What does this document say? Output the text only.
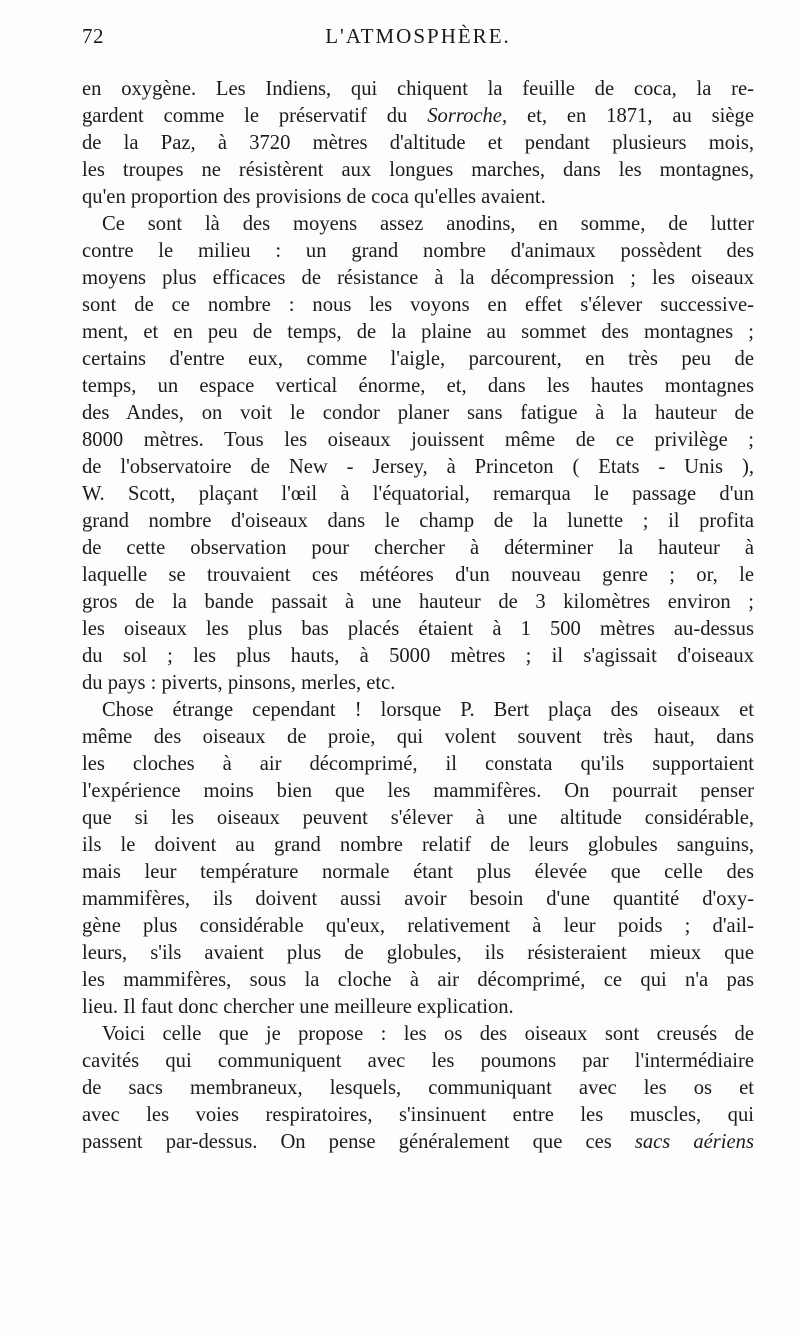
72	L'ATMOSPHÈRE.
en oxygène. Les Indiens, qui chiquent la feuille de coca, la re-
gardent comme le préservatif du Sorroche, et, en 1871, au siège
de la Paz, à 3720 mètres d'altitude et pendant plusieurs mois,
les troupes ne résistèrent aux longues marches, dans les montagnes,
qu'en proportion des provisions de coca qu'elles avaient.
Ce sont là des moyens assez anodins, en somme, de lutter
contre le milieu : un grand nombre d'animaux possèdent des
moyens plus efficaces de résistance à la décompression ; les oiseaux
sont de ce nombre : nous les voyons en effet s'élever successive-
ment, et en peu de temps, de la plaine au sommet des montagnes ;
certains d'entre eux, comme l'aigle, parcourent, en très peu de
temps, un espace vertical énorme, et, dans les hautes montagnes
des Andes, on voit le condor planer sans fatigue à la hauteur de
8000 mètres. Tous les oiseaux jouissent même de ce privilège ;
de l'observatoire de New - Jersey, à Princeton ( Etats - Unis ),
W. Scott, plaçant l'œil à l'équatorial, remarqua le passage d'un
grand nombre d'oiseaux dans le champ de la lunette ; il profita
de cette observation pour chercher à déterminer la hauteur à
laquelle se trouvaient ces météores d'un nouveau genre ; or, le
gros de la bande passait à une hauteur de 3 kilomètres environ ;
les oiseaux les plus bas placés étaient à 1 500 mètres au-dessus
du sol ; les plus hauts, à 5000 mètres ; il s'agissait d'oiseaux
du pays : piverts, pinsons, merles, etc.
Chose étrange cependant ! lorsque P. Bert plaça des oiseaux et
même des oiseaux de proie, qui volent souvent très haut, dans
les cloches à air décomprimé, il constata qu'ils supportaient
l'expérience moins bien que les mammifères. On pourrait penser
que si les oiseaux peuvent s'élever à une altitude considérable,
ils le doivent au grand nombre relatif de leurs globules sanguins,
mais leur température normale étant plus élevée que celle des
mammifères, ils doivent aussi avoir besoin d'une quantité d'oxy-
gène plus considérable qu'eux, relativement à leur poids ; d'ail-
leurs, s'ils avaient plus de globules, ils résisteraient mieux que
les mammifères, sous la cloche à air décomprimé, ce qui n'a pas
lieu. Il faut donc chercher une meilleure explication.
Voici celle que je propose : les os des oiseaux sont creusés de
cavités qui communiquent avec les poumons par l'intermédiaire
de sacs membraneux, lesquels, communiquant avec les os et
avec les voies respiratoires, s'insinuent entre les muscles, qui
passent par-dessus. On pense généralement que ces sacs aériens
